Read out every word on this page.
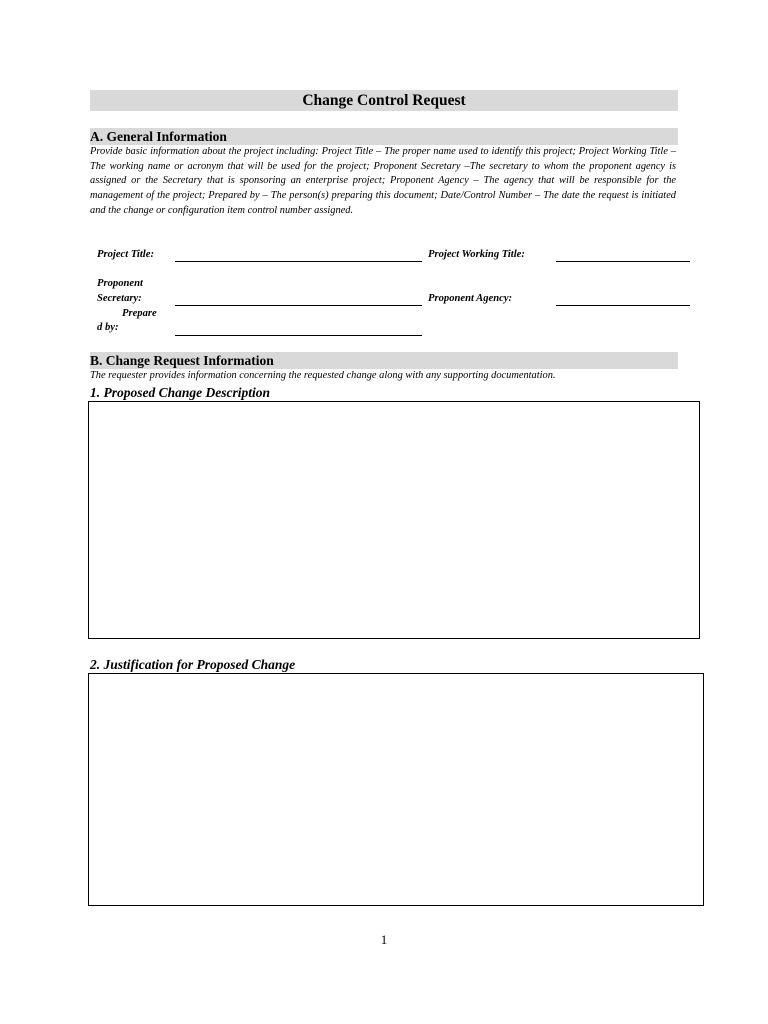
Change Control Request
A. General Information
Provide basic information about the project including: Project Title – The proper name used to identify this project; Project Working Title – The working name or acronym that will be used for the project; Proponent Secretary –The secretary to whom the proponent agency is assigned or the Secretary that is sponsoring an enterprise project; Proponent Agency – The agency that will be responsible for the management of the project; Prepared by – The person(s) preparing this document; Date/Control Number – The date the request is initiated and the change or configuration item control number assigned.
Project Title:	Project Working Title:
Proponent
Secretary:	Proponent Agency:
Prepare
d by:
B. Change Request Information
The requester provides information concerning the requested change along with any supporting documentation.
1. Proposed Change Description
2. Justification for Proposed Change
1
